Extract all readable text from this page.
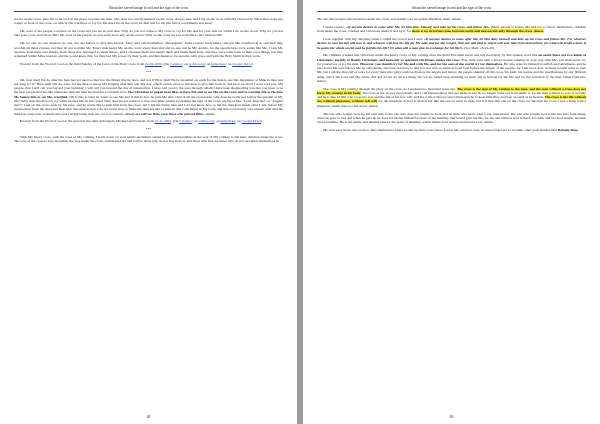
About the carved image (icon) and the sign of the cross

not lie on the cross, puts Me to lie on it in his place, because the man, who does not crucify himself on the cross, always sins, and I lay on the cross with My clean body. What man stops any longer to front of the cross, on which I lie crucified, to cry for Me that I lie on the cross for him and for his life full of worldliness and lusts?

Oh, sons of the people, God lies on the cross and you lie in your sins. Why do you not come to My cross to cry for Me and for your sins for which I lie on the cross? Why do you not take your cross and follow Me? Oh, sons of the people, do you want God only on the cross? Only on the cross do you want Me to lie? Answer Me!

Oh, no one, no one answers, no one. No one knows to give this answer. They who call themselves "theologians" make crosses everywhere, and put Me crucified on it, and then they worship all these crosses, but they do not worship Me. Every man keeps Me on the cross; every man sins and no one can be My apostle, for the apostle have to be saints like Me. I took My apostles from their own things, from those that belonged to them before, and I cleansed them and taught them and made them holy, and they were went back to their own things, but they remained within Mine instead, and the world knew this, for they had My power by their work, and this means to be apostles with grace and with the Holy Spirit in their work.

Excerpt from the Word of God on the third Sunday of the Lent, of the Holy Cross, from 02-04-2000. (On Calameo; on archive.org; on jumpshare; on Google Drive)

***

Oh, how shall We do after the man has got used so much to the things that he does, and not I? How shall We be beautiful on earth for the man to see this happiness of Mine in man and not long for it? How shall We do, sons, for the man to know My longing after him and My day, which comes close to the man to give him from it, and he to receive? I have told you, My people, that I will call you beyond your birthday; I will call you beyond the day of resurrection. I have told you by the sons through whom I have been shepherding you that you have to be the new people that has Me otherwise than the man has had the Lord until now. The Christian or pagan man likes to have Me and to see Me on the cross and to worship Me as He puts Me before him to see Me, crucified. Oh, if this is what he wants to see Me and if this is how he puts Me unto view at all the crossroads, why does he really not follow the parable of My life? Why does the man not cry when he sees Me on the cross? Why does he not come to a stop and rather pauses by making the sign of the cross, saying to Me: "Lord, help me!" or "forgive me!"? I am on the cross, seen by his eyes, and he wants Me to help him from the cross, but I am the living One and I do not know how to tell the man how much alive I am, before My resurrection from the dead and then after the resurrection. I do not know how to make the man see Me or believe that I am living in My body, and that I can hardly stay unseen after that the time has come near so much that every living being may see, for it is written: «Every eye will see Him, even those who pierced Him». Amen.

Excerpt from the Word of God at the synod of the saint archangels, Michael and Gabriel, from 21-11-2002. (On Calameo; on archive.org; on jumpshare; on Google Drive)

***

With My heavy cross, with the cross of My coming, I settle down on your gentle shoulders; seized by awe and hardship on the way of My coming to the man, children under the cross. The way of the cross is very beautiful, the way under the cross, and blessed are and will be those who do not flee from it, and those who flee are those who do not recognize themselves in

48
About the carved image (icon) and the sign of the cross

Me, the One broken and victorious under the cross, and neither I do recognize Myself in them. Amen.

I spoke clearly: «If anyone desires to come after Me, let him deny himself, and take up his cross, and follow Me» (Matt: 16:24) to follow Me and not to follow themselves, children from under the cross, crushed and victorious under it and by it, for there is no victorious man between earth and heaven but only through the cross. Amen.

I was together with My disciples when I called the crowd and I said: «If anyone desires to come after Me, let him deny himself and take up his cross and follow Me. For whoever desires to save his life will lose it, and whoever will lose his life for My sake and for the Gospel, that one will find it, and it will save him from destruction; for what will profit a man, if he gains the whole world, and he forfeits his life? Or what will a man give in exchange for his life?» (See Matt: 16:24-26)

Oh, children crushed and victorious under the heavy cross of My coming after the man! You shall know and tell everybody by this spoken word that on earth there are two kinds of Christians: earthly or fleshly Christians, and heavenly or spiritual Christians, under the cross. You, little sons with a heavy-footed walking on your way with Me, you shall never cry for yourselves or for the man. However, you should cry for Me and with Me, and for the sons of the world cry for themselves. He who cries for himself is selfish and selfishness, and he who loves Me and follows Me by self-denial, and does not have to and it is not nice to separate from God before the angels of the people, for I am not a doll, as many people want to treat Me, but I am the One full of tears for every man who plays with God before the angels and before the people shaking off his cross, his faith, his stature and his steadfastness by any difficult thing, and I, the Lord and My saints, did and do not do such a thing, but we are rather long enduring on earth and in heaven for the life and for the salvation of the man, fallen from life. Amen.

The cross is My coming through the glory on the cross, as I worked two thousand years ago. The cross is the sign of My coming to the man, and the man without a cross does not leave My coming in his body. The cross is the victory upon death, and I call blessed those that get under it and do no longer come out from under it, for the man without a cross is worldly and he is like a child who loves his toys and the life of his free will, and not a life with toys and with heartache to keep him alive and true on earth as in heaven. The cross is the life without sin, without pleasures, without self-will, for the kingdom of God is man is not like the one on earth in man, but it is like that one on the cross, for through the cross I was a King with a kingdom, which does not fall down. Amen.

The one who forgets God for his own self, is the one who does not remain in God, and let him, who hears what I say, understand. The one who forgets God is the one who falls asleep when he goes to bed and when he gets up he does not blame himself because of the humility that would give his life, for the one without God is dead, it is him, and not God in him, because God is humble, He is the gentle and humble One by the spirit of humility, which makes God in man and man in God. Amen.

Oh, how easy those who want to deny themselves forget to take up their cross and to follow Me, and how easy do these forget not to worship other gods besides Me! Behold, these

49
